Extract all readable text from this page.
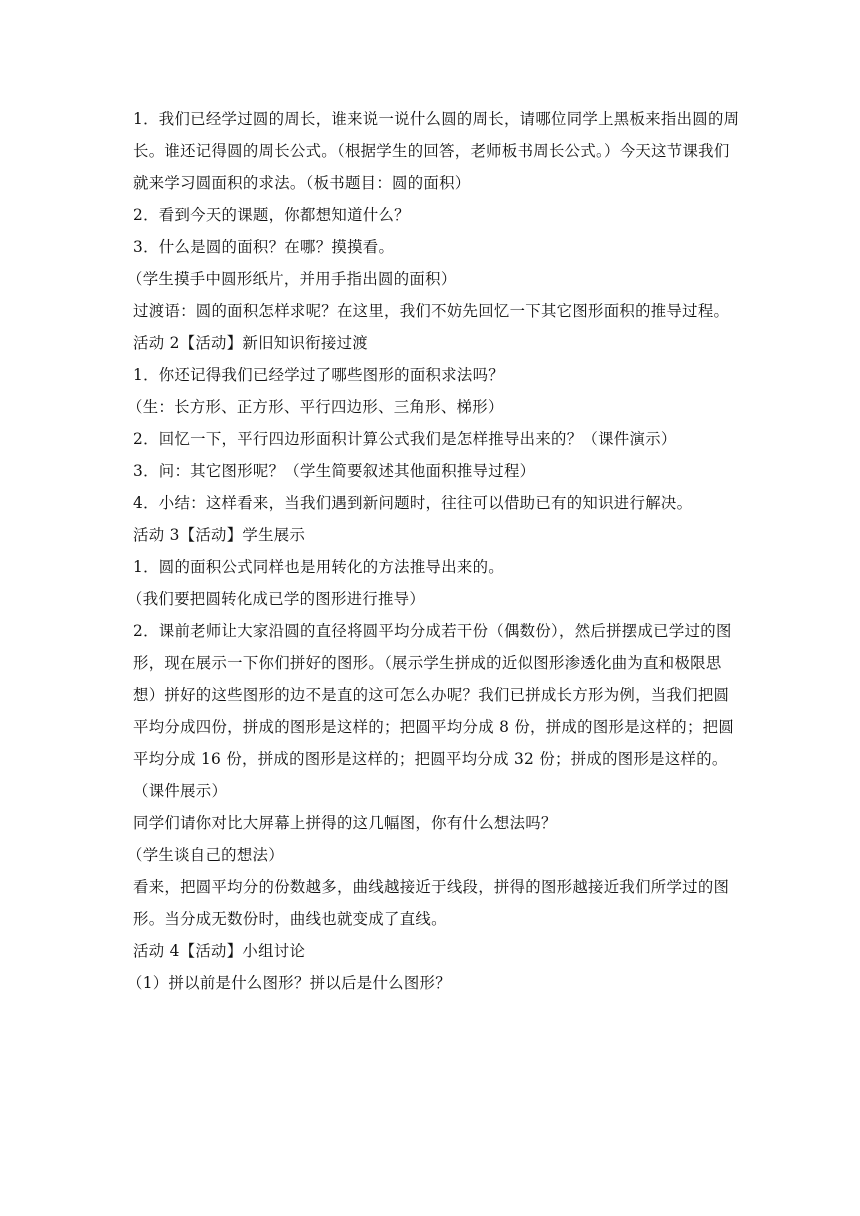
1．我们已经学过圆的周长，谁来说一说什么圆的周长，请哪位同学上黑板来指出圆的周长。谁还记得圆的周长公式。（根据学生的回答，老师板书周长公式。）今天这节课我们就来学习圆面积的求法。（板书题目：圆的面积）

2．看到今天的课题，你都想知道什么？

3．什么是圆的面积？在哪？摸摸看。

（学生摸手中圆形纸片，并用手指出圆的面积）

过渡语：圆的面积怎样求呢？在这里，我们不妨先回忆一下其它图形面积的推导过程。

活动 2【活动】新旧知识衔接过渡

1．你还记得我们已经学过了哪些图形的面积求法吗？

（生：长方形、正方形、平行四边形、三角形、梯形）

2．回忆一下，平行四边形面积计算公式我们是怎样推导出来的？（课件演示）

3．问：其它图形呢？（学生简要叙述其他面积推导过程）

4．小结：这样看来，当我们遇到新问题时，往往可以借助已有的知识进行解决。

活动 3【活动】学生展示

1．圆的面积公式同样也是用转化的方法推导出来的。

（我们要把圆转化成已学的图形进行推导）

2．课前老师让大家沿圆的直径将圆平均分成若干份（偶数份），然后拼摆成已学过的图形，现在展示一下你们拼好的图形。（展示学生拼成的近似图形渗透化曲为直和极限思想）拼好的这些图形的边不是直的这可怎么办呢？我们已拼成长方形为例，当我们把圆平均分成四份，拼成的图形是这样的；把圆平均分成 8 份，拼成的图形是这样的；把圆平均分成 16 份，拼成的图形是这样的；把圆平均分成 32 份；拼成的图形是这样的。（课件展示）

同学们请你对比大屏幕上拼得的这几幅图，你有什么想法吗？

（学生谈自己的想法）

看来，把圆平均分的份数越多，曲线越接近于线段，拼得的图形越接近我们所学过的图形。当分成无数份时，曲线也就变成了直线。

活动 4【活动】小组讨论

（1）拼以前是什么图形？拼以后是什么图形？
